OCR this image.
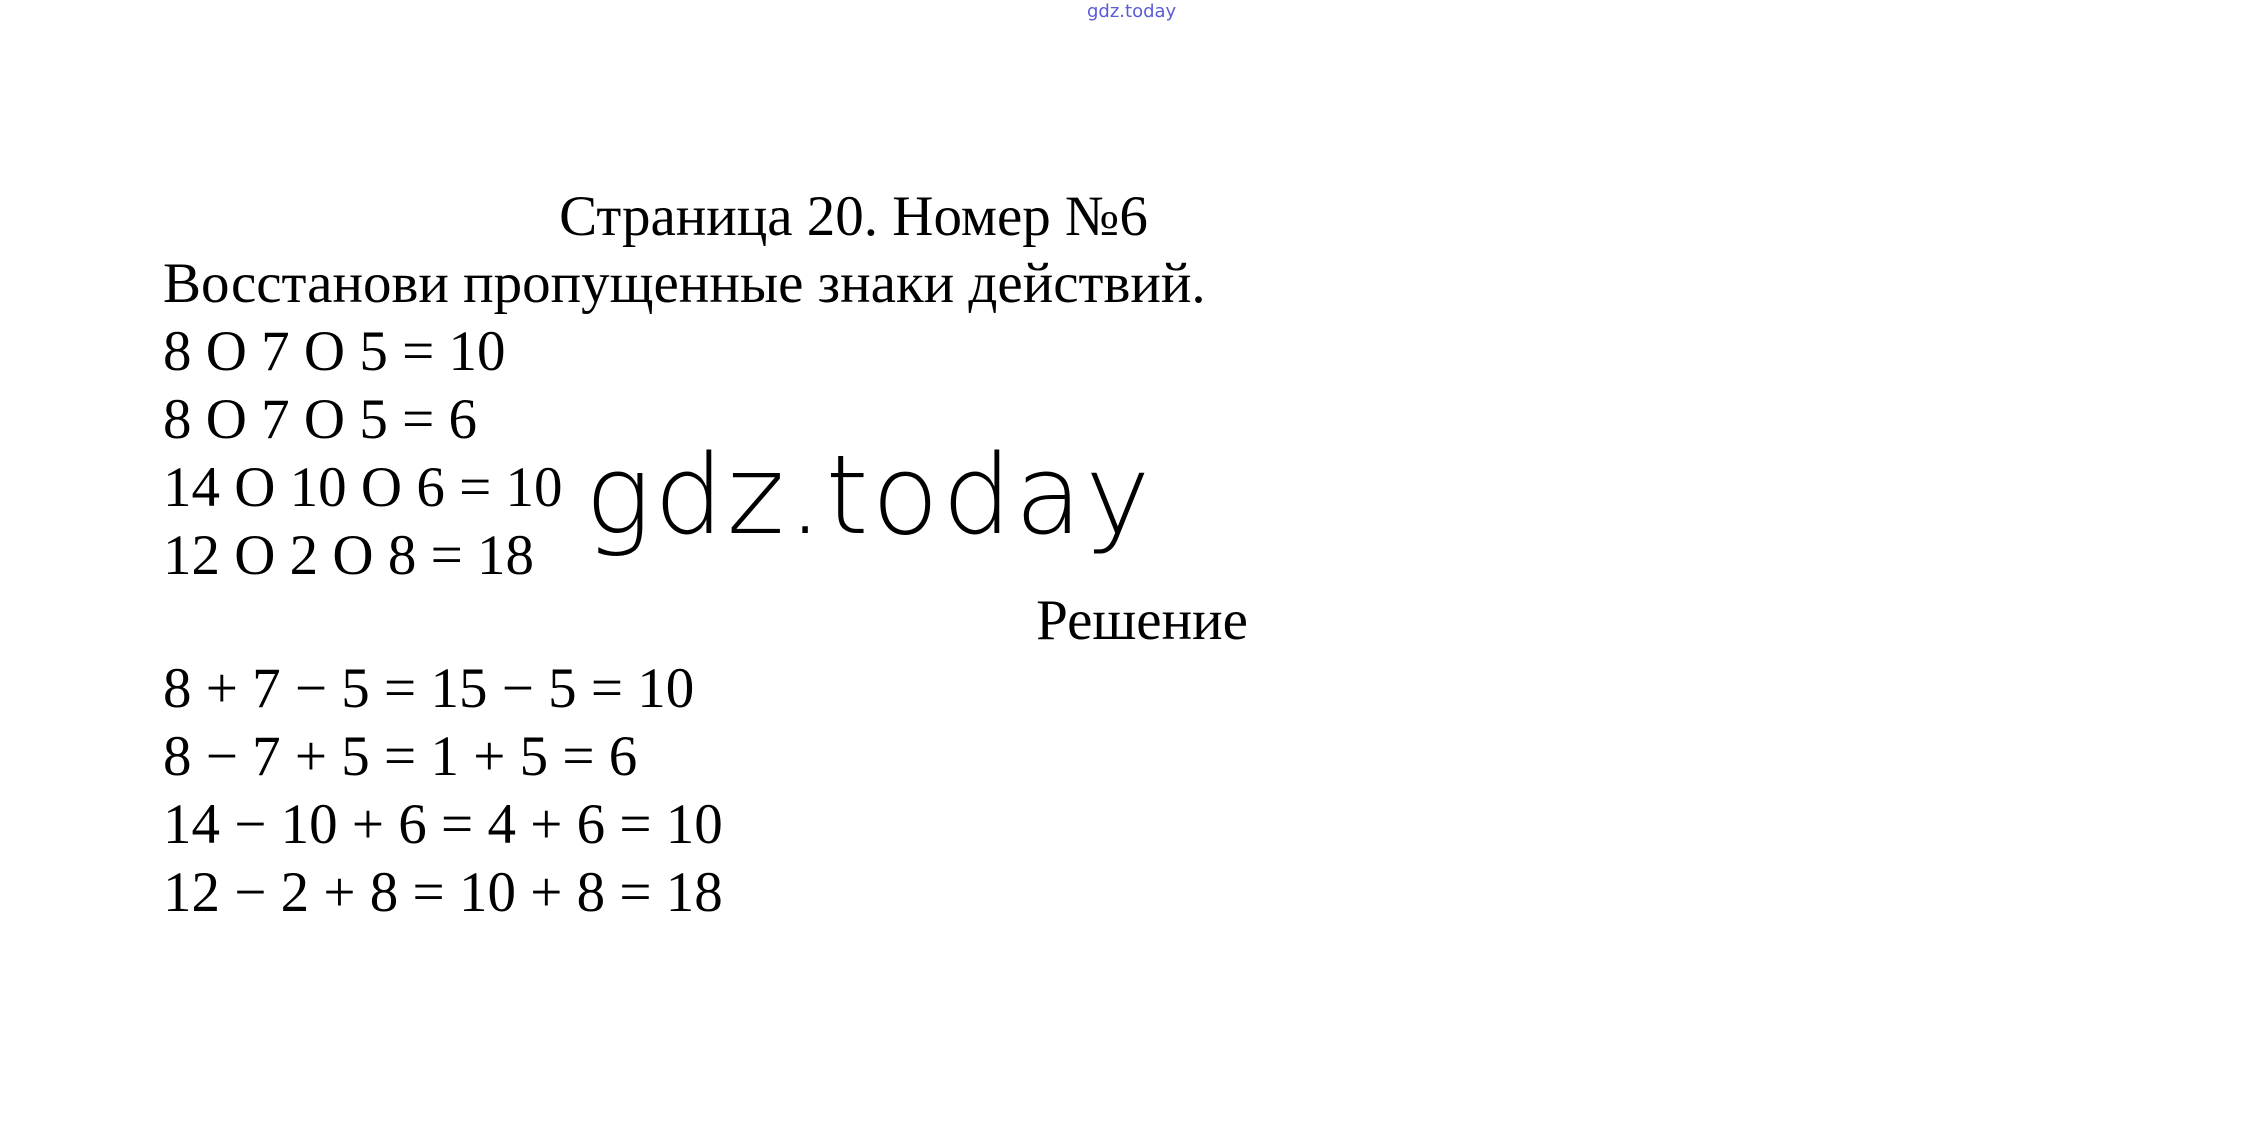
gdz.today
Страница 20. Номер №6
Восстанови пропущенные знаки действий.
8 O 7 O 5 = 10
8 O 7 O 5 = 6
14 O 10 O 6 = 10
12 O 2 O 8 = 18
Решение
8 + 7 − 5 = 15 − 5 = 10
8 − 7 + 5 = 1 + 5 = 6
14 − 10 + 6 = 4 + 6 = 10
12 − 2 + 8 = 10 + 8 = 18
gdz.today
